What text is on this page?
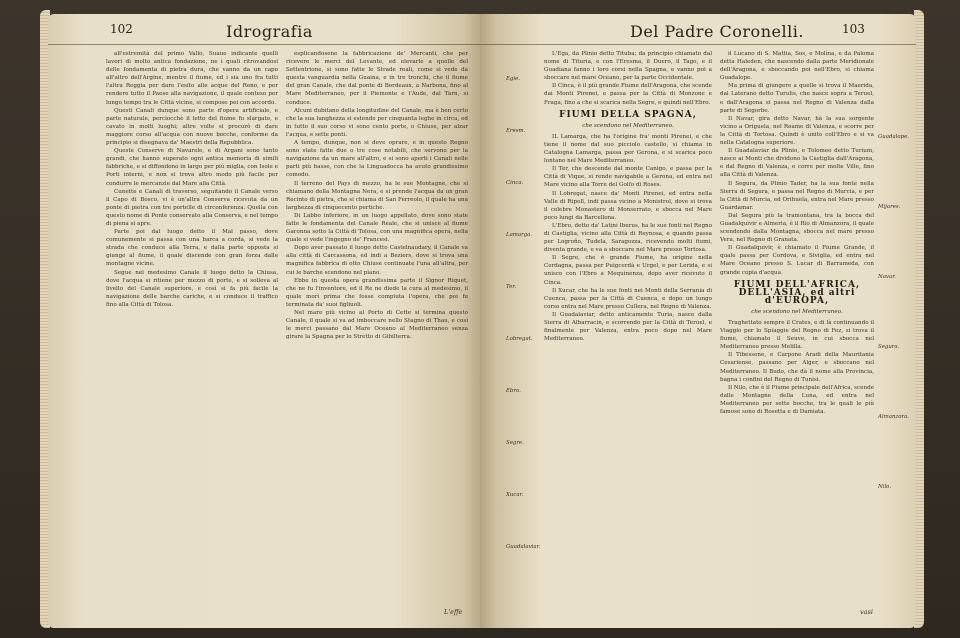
102	Idrografia

all'estremità del primo Vallo, Suaue indicante quelli lavori di molto antica fondazione, ne i quali ritrovandosi delle fondamenta di pietra dura, che vanno da un capo all'altro dell'Argine, mentre il fiume, ed i sia uno fra tutti l'altra Reggia per dare l'esito alle acque del Reno, e per rendere tutto il Paese alla navigazione, il quale conteso per lungo tempo tra le Città vicine, si compose poi con accordo.

Questi Canali dunque sono parte d'opera artificiale, e parte naturale, perciocchè il letto del fiume fu slargato, e cavato in molti luoghi; altre volte si procurò di dare maggiore corso all'acqua con nuove bocche, conforme da principio si disegnava da' Maestri della Repubblica.

Queste Conserve di Navarele, e di Argani sono tanto grandi, che hanno superato ogni antica memoria di simili fabbriche, e si diffondono in largo per più miglia, con Isole e Porti interni, e non si trova altro modo più facile per condurre le mercanzie dal Mare alla Città.

Cunette e Canali di traverso, seguitando il Canale verso il Capo di Bosco, vi è un'altra Conserva ricevuta da un ponte di pietra con tre portelle di circonferenza. Quella con questo nome di Ponte conservato alla Conserva, e nel tempo di piena si apre.

Parte poi dal luogo detto il Mal passo, dove comunemente si passa con una barca a corda, si vede la strada che conduce alla Terra, e dalla parte opposta si giunge al fiume, il quale discende con gran forza dalle montagne vicine.

Segue nel medesimo Canale il luogo detto la Chiusa, dove l'acqua si ritiene per mezzo di porte, e si solleva al livello del Canale superiore, e così si fa più facile la navigazione delle barche cariche, e si conduce il traffico fino alla Città di Tolosa.

esplicandosene la fabbricazione de' Mercanti, che per ricevere le merci del Levante, ed elevarle a quelle del Settentrione, si sono fatte le Strade reali, come si vede da questa vanguardia nella Guaina, e in tre tronchi, che il fiume del gran Canale, che dal ponte di Bordeaux, a Narbona, fino al Mare Mediterraneo, per il Piemonte e l'Aude, dal Tarn, si conduce.

Alcuni dubitano della longitudine del Canale, ma è ben certo che la sua lunghezza si estende per cinquanta leghe in circa, ed in tutto il suo corso vi sono cento porte, o Chiuse, per alzar l'acqua, e sette ponti.

A tempo, dunque, non si deve oprare, e in questo Regno sono state fatte due o tre cose notabili, che servono per la navigazione da un mare all'altro, e si sono aperti i Canali nelle parti più basse, con che la Linguadocca ha avuto grandissimo comodo.

Il terreno del Pays di mezzo, ha le sue Montagne, che si chiamano della Montagna Nera, e si prende l'acqua da un gran Recinto di pietra, che si chiama di San Ferreolo, il quale ha una larghezza di cinquecento pertiche.

Di Labbo inferiore, in un luogo appellato, dove sono state fatte le fondamenta del Canale Reale, che si unisce al fiume Garonna sotto la Città di Tolosa, con una magnifica opera, nella quale si vede l'ingegno de' Francesi.

Dopo aver passato il luogo detto Castelnaudary, il Canale va alla città di Carcassona, ed indi a Beziers, dove si trova una magnifica fabbrica di otto Chiuse continuate l'una all'altra, per cui le barche scendono nel piano.

Ebbe in questa opera grandissima parte il Signor Riquet, che ne fu l'inventore, ed il Re ne diede la cura al medesimo, il quale morì prima che fosse compiuta l'opera, che poi fu terminata da' suoi figliuoli.

Nel mare più vicino al Porto di Cette si termina questo Canale, il quale si va ad imboccare nello Stagno di Thau, e così le merci passano dal Mare Oceano al Mediterraneo senza girare la Spagna per lo Stretto di Gibilterra.

L'effe
Del Padre Coronelli.	103
Egie.
Eresm.
Cinca.
Lamarga.
Ter.
Lobregat.
Ebro.
Segre.
Xucar.
Guadalaviar.
Guadalope.
Mijares.
Navar.
Segura.
Almanzora.
Nilo.

L'Ega, da Plinio detto Tituba; da principio chiamato dal nome di Tituria, e con l'Eresma, il Duero, il Tago, e il Guadiana fanno i loro corsi nella Spagna, e vanno poi a sboccare nel mare Oceano, per la parte Occidentale.

Il Cinca, è il più grande Fiume dell'Aragona, che scende dai Monti Pirenei, e passa per la Città di Monzone e Fraga, fino a che si scarica nella Segre, e quindi nell'Ebro.

FIUMI DELLA SPAGNA,
che scendono nel Mediterraneo.

IL Lamarga, che ha l'origine fra' monti Pirenei, e che tiene il nome dal suo picciolo castello, si chiama in Catalogna Lamarga, passa per Gerona, e si scarica poco lontano nel Mare Mediterraneo.

Il Ter, che descende dal monte Canigo, e passa per la Città di Vique, si rende navigabile a Gerona, ed entra nel Mare vicino alla Torre del Golfo di Roses.

Il Lobregat, nasce da' Monti Pirenei, ed entra nella Valle di Ripoll, indi passa vicino a Monistrol, dove si trova il celebre Monastero di Monserrato, e sbocca nel Mare poco lungi da Barcellona.

L'Ebro, detto da' Latini Iberus, ha le sue fonti nel Regno di Castiglia, vicino alla Città di Reynosa, e quando passa per Logroño, Tudela, Saragozza, ricevendo molti fiumi, diventa grande, e va a sboccare nel Mare presso Tortosa.

Il Segre, che è grande Fiume, ha origine nella Cerdagna, passa per Puigcerdà e Urgel, e per Lerida, e si unisce con l'Ebro a Mequinenza, dopo aver ricevuto il Cinca.

Il Xucar, che ha le sue fonti nei Monti della Serrania di Cuenca, passa per la Città di Cuenca, e dopo un lungo corso entra nel Mare presso Cullera, nel Regno di Valenza.

Il Guadalaviar, detto anticamente Turia, nasce dalla Sierra di Albarracin, e scorrendo per la Città di Teruel, e finalmente per Valenza, entra poco dopo nel Mare Mediterraneo.

il Lucano di S. Mattia, Sos, e Molìna, e da Paloma detta Haleden, che nascendo dalla parte Meridionale dell'Aragona, e sboccando poi nell'Ebro, si chiama Guadalope.

Ma prima di giungere a quelle si trova il Maerida, dal Laterano detto Turulis, che nasce sopra a Teruel, e dall'Aragona si passa nel Regno di Valenza dalla parte di Segorbe.

Il Navar, gira detto Navar, hà la sua sorgente vicino a Origuela, nel Reame di Valenza, e scorre per la Città di Tortosa. Quindi è unito coll'Ebro e si va nella Catalogna superiore.

Il Guadalaviar da Plinio, e Tolomeo detto Turium, nasce ai Monti che dividono la Castiglia dall'Aragona, e dal Regno di Valenza, e corre per molte Ville, fino alla Città di Valenza.

Il Segura, da Plinio Tader, ha la sua fonte nella Sierra di Segura, e passa nel Regno di Murcia, e per la Città di Murcia, ed Orihuela, entra nel Mare presso Guardamar.

Dal Segura più la tramontana, tra la bocca del Guadalquivir e Almeria, è il Rio di Almanzora, il quale scendendo dalla Montagna, sbocca nel mare presso Vera, nel Regno di Granata.

Il Guadalquivir, è chiamato il Fiume Grande, il quale passa per Cordova, e Siviglia, ed entra nel Mare Oceano presso S. Lucar di Barrameda, con grande copia d'acqua.

FIUMI DELL'AFRICA, DELL'ASIA, ed altri d'EUROPA,
che scendono nel Mediterraneo.

Traghettato sempre il Crates, e di là continuando il Viaggio per lo Spiaggie del Regno di Fez, si trova il fiume, chiamato il Seuve, in cui sbocca nel Mediterraneo presso Melilla.

Il Tibessene, e Carpone Aradi della Mauritania Cesariense, passano per Alger, e sboccano nel Mediterraneo. Il Budo, che dà il nome alla Provincia, bagna i confini del Regno di Tunisi.

Il Nilo, che è il Fiume principale dell'Africa, scende dalle Montagne della Luna, ed entra nel Mediterraneo per sette bocche, tra le quali le più famose sono di Rosetta e di Damiata.

vasi
